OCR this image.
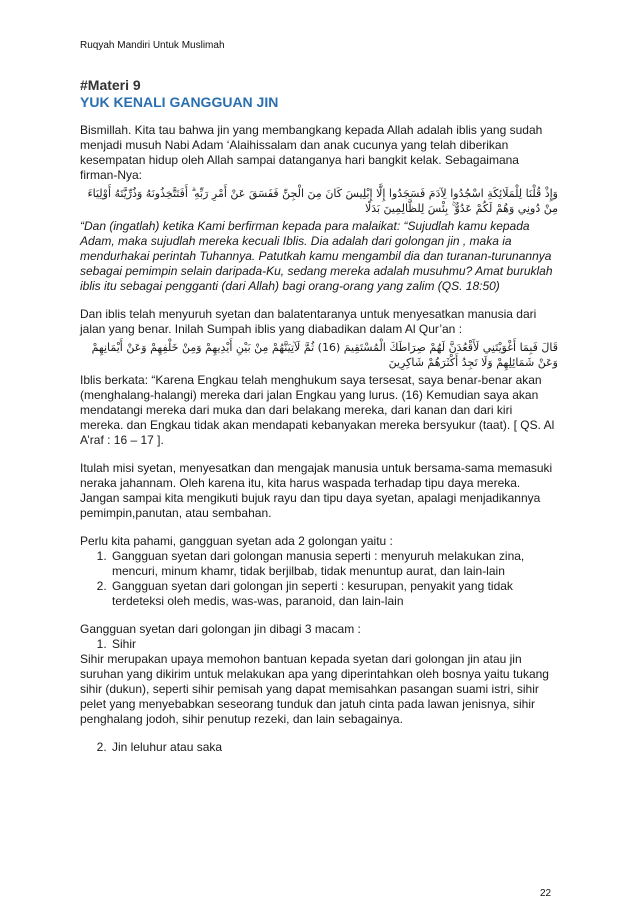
Ruqyah Mandiri Untuk Muslimah
#Materi 9
YUK KENALI GANGGUAN JIN

Bismillah. Kita tau bahwa jin yang membangkang kepada Allah adalah iblis yang sudah menjadi musuh Nabi Adam ‘Alaihissalam dan anak cucunya yang telah diberikan kesempatan hidup oleh Allah sampai datanganya hari bangkit kelak. Sebagaimana firman-Nya:

وَإِذْ قُلْنَا لِلْمَلَائِكَةِ اسْجُدُوا لِآدَمَ فَسَجَدُوا إِلَّا إِبْلِيسَ كَانَ مِنَ الْجِنِّ فَفَسَقَ عَنْ أَمْرِ رَبِّهِ ۗ أَفَتَتَّخِذُونَهُ وَذُرِّيَّتَهُ أَوْلِيَاءَ مِنْ دُونِي وَهُمْ لَكُمْ عَدُوٌّ ۚ بِئْسَ لِلظَّالِمِينَ بَدَلًا

“Dan (ingatlah) ketika Kami berfirman kepada para malaikat: “Sujudlah kamu kepada Adam, maka sujudlah mereka kecuali Iblis. Dia adalah dari golongan jin , maka ia mendurhakai perintah Tuhannya. Patutkah kamu mengambil dia dan turanan-turunannya sebagai pemimpin selain daripada-Ku, sedang mereka adalah musuhmu? Amat buruklah iblis itu sebagai pengganti (dari Allah) bagi orang-orang yang zalim (QS. 18:50)

Dan iblis telah menyuruh syetan dan balatentaranya untuk menyesatkan manusia dari jalan yang benar. Inilah Sumpah iblis yang diabadikan dalam Al Qur’an :

قَالَ فَبِمَا أَغْوَيْتَنِي لَأَقْعُدَنَّ لَهُمْ صِرَاطَكَ الْمُسْتَقِيمَ (16) ثُمَّ لَآتِيَنَّهُمْ مِنْ بَيْنِ أَيْدِيهِمْ وَمِنْ خَلْفِهِمْ وَعَنْ أَيْمَانِهِمْ وَعَنْ شَمَائِلِهِمْ وَلَا تَجِدُ أَكْثَرَهُمْ شَاكِرِينَ

Iblis berkata: “Karena Engkau telah menghukum saya tersesat, saya benar-benar akan (menghalang-halangi) mereka dari jalan Engkau yang lurus. (16) Kemudian saya akan mendatangi mereka dari muka dan dari belakang mereka, dari kanan dan dari kiri mereka. dan Engkau tidak akan mendapati kebanyakan mereka bersyukur (taat). [ QS. Al A’raf : 16 – 17 ].

Itulah misi syetan, menyesatkan dan mengajak manusia untuk bersama-sama memasuki neraka jahannam. Oleh karena itu, kita harus waspada terhadap tipu daya mereka. Jangan sampai kita mengikuti bujuk rayu dan tipu daya syetan, apalagi menjadikannya pemimpin,panutan, atau sembahan.

Perlu kita pahami, gangguan syetan ada 2 golongan yaitu :

1. Gangguan syetan dari golongan manusia seperti : menyuruh melakukan zina, mencuri, minum khamr, tidak berjilbab, tidak menuntup aurat, dan lain-lain
2. Gangguan syetan dari golongan jin seperti : kesurupan, penyakit yang tidak terdeteksi oleh medis, was-was, paranoid, dan lain-lain

Gangguan syetan dari golongan jin dibagi 3 macam :

1. Sihir

Sihir merupakan upaya memohon bantuan kepada syetan dari golongan jin atau jin suruhan yang dikirim untuk melakukan apa yang diperintahkan oleh bosnya yaitu tukang sihir (dukun), seperti sihir pemisah yang dapat memisahkan pasangan suami istri, sihir pelet yang menyebabkan seseorang tunduk dan jatuh cinta pada lawan jenisnya, sihir penghalang jodoh, sihir penutup rezeki, dan lain sebagainya.

2. Jin leluhur atau saka
22
